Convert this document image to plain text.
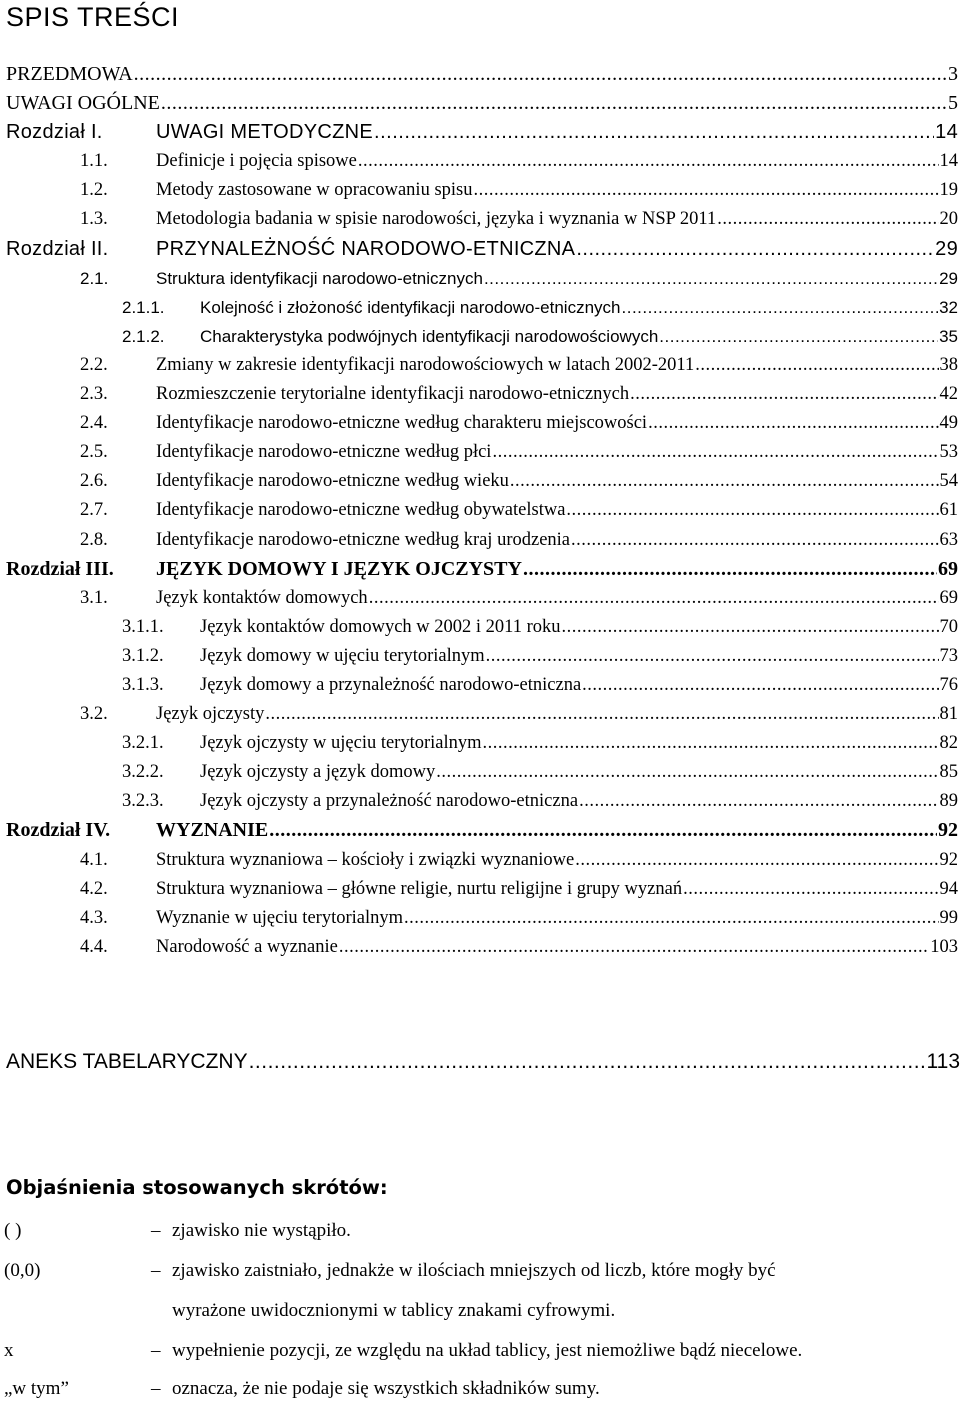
SPIS TREŚCI
PRZEDMOWA .....	3
UWAGI OGÓLNE .....	5
Rozdział I.	UWAGI METODYCZNE .....	14
1.1.	Definicje i pojęcia spisowe .....	14
1.2.	Metody zastosowane w opracowaniu spisu .....	19
1.3.	Metodologia badania w spisie narodowości, języka i wyznania w NSP 2011 .....	20
Rozdział II. PRZYNALEŻNOŚĆ NARODOWO-ETNICZNA .....	29
2.1.	Struktura identyfikacji narodowo-etnicznych .....	29
2.1.1. Kolejność i złożoność identyfikacji narodowo-etnicznych .....	32
2.1.2. Charakterystyka podwójnych identyfikacji narodowościowych .....	35
2.2.	Zmiany w zakresie identyfikacji narodowościowych w latach 2002-2011 .....	38
2.3.	Rozmieszczenie terytorialne identyfikacji narodowo-etnicznych .....	42
2.4.	Identyfikacje narodowo-etniczne według charakteru miejscowości .....	49
2.5.	Identyfikacje narodowo-etniczne według płci .....	53
2.6.	Identyfikacje narodowo-etniczne według wieku .....	54
2.7.	Identyfikacje narodowo-etniczne według obywatelstwa .....	61
2.8.	Identyfikacje narodowo-etniczne według kraj urodzenia .....	63
Rozdział III. JĘZYK DOMOWY I JĘZYK OJCZYSTY .....	69
3.1.	Język kontaktów domowych .....	69
3.1.1. Język kontaktów domowych w 2002 i 2011 roku .....	70
3.1.2. Język domowy w ujęciu terytorialnym .....	73
3.1.3. Język domowy a przynależność narodowo-etniczna .....	76
3.2.	Język ojczysty .....	81
3.2.1. Język ojczysty w ujęciu terytorialnym .....	82
3.2.2. Język ojczysty a język domowy .....	85
3.2.3. Język ojczysty a przynależność narodowo-etniczna .....	89
Rozdział IV. WYZNANIE .....	92
4.1.	Struktura wyznaniowa – kościoły i związki wyznaniowe .....	92
4.2.	Struktura wyznaniowa – główne religie, nurtu religijne i grupy wyznań .....	94
4.3.	Wyznanie w ujęciu terytorialnym .....	99
4.4.	Narodowość a wyznanie .....	103
ANEKS TABELARYCZNY .....	113
Objaśnienia stosowanych skrótów:
( )	– zjawisko nie wystąpiło.
(0,0)	– zjawisko zaistniało, jednakże w ilościach mniejszych od liczb, które mogły być
wyrażone uwidocznionymi w tablicy znakami cyfrowymi.
x	– wypełnienie pozycji, ze względu na układ tablicy, jest niemożliwe bądź niecelowe.
„w tym”	– oznacza, że nie podaje się wszystkich składników sumy.
